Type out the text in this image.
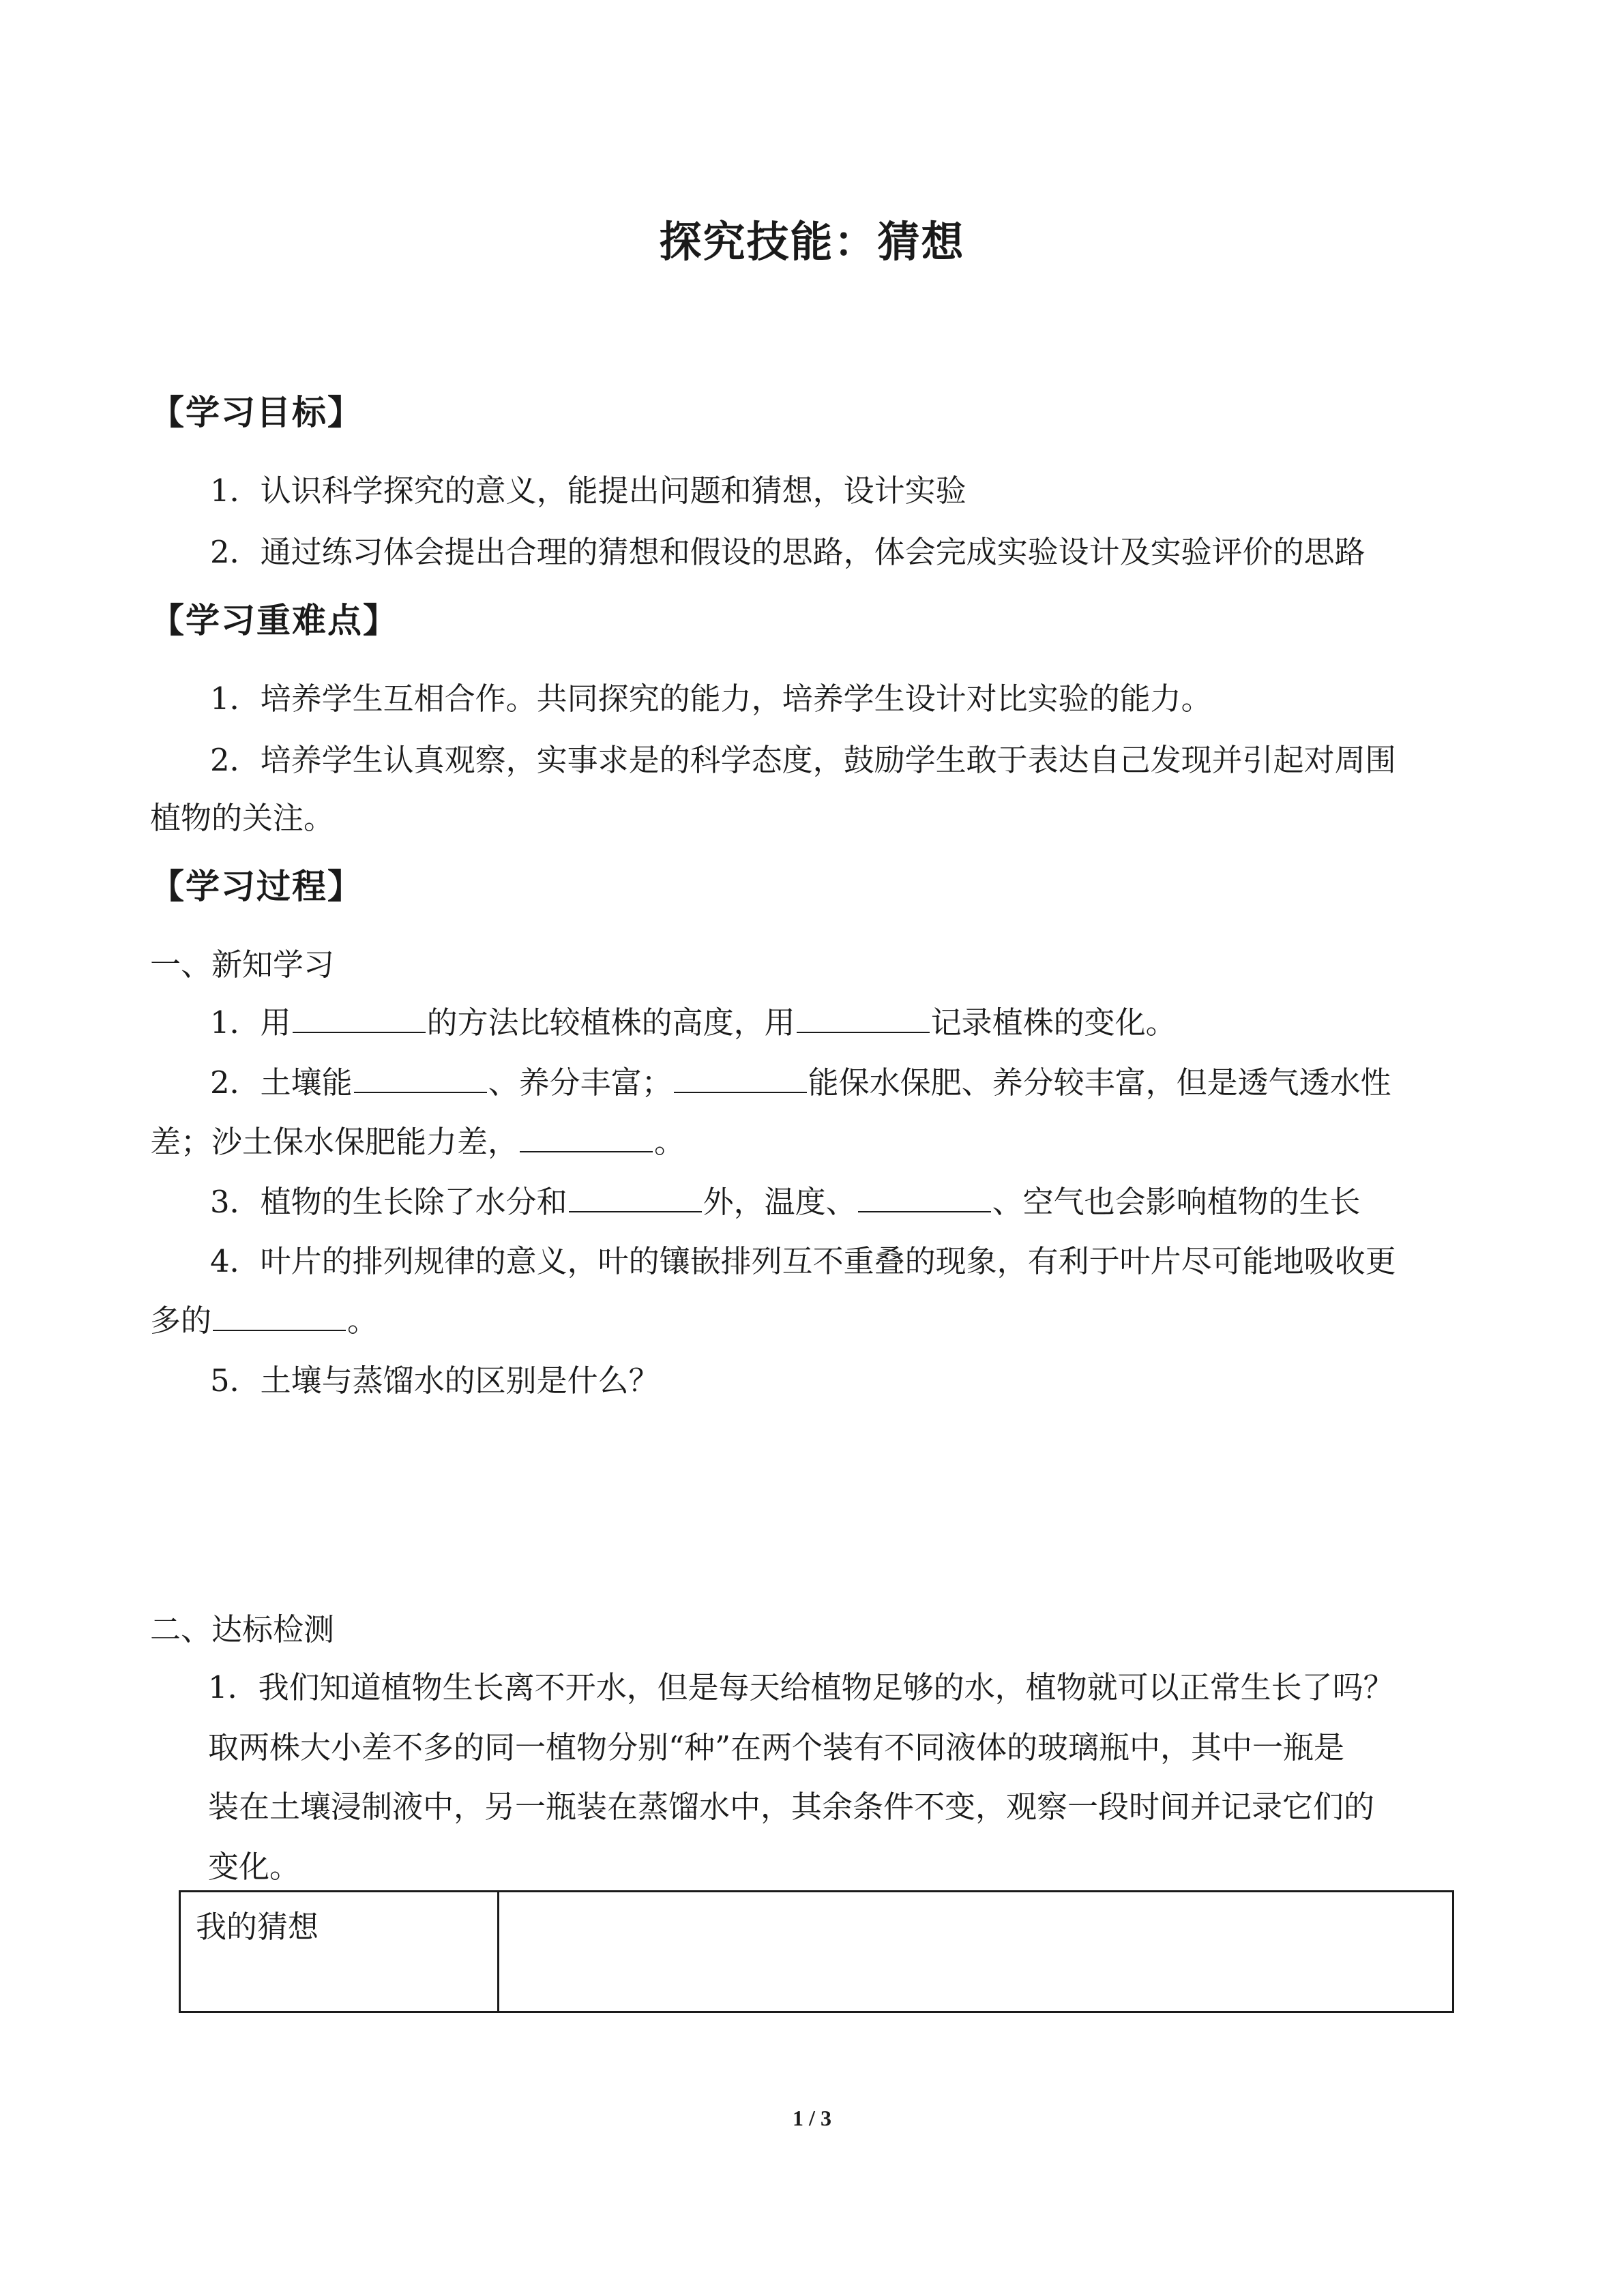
探究技能：猜想
【学习目标】
1．认识科学探究的意义，能提出问题和猜想，设计实验
2．通过练习体会提出合理的猜想和假设的思路，体会完成实验设计及实验评价的思路
【学习重难点】
1．培养学生互相合作。共同探究的能力，培养学生设计对比实验的能力。
2．培养学生认真观察，实事求是的科学态度，鼓励学生敢于表达自己发现并引起对周围
植物的关注。
【学习过程】
一、新知学习
1．用	的方法比较植株的高度，用	记录植株的变化。
2．土壤能	、养分丰富；	能保水保肥、养分较丰富，但是透气透水性
差；沙土保水保肥能力差，	。
3．植物的生长除了水分和	外，温度、	、空气也会影响植物的生长
4．叶片的排列规律的意义，叶的镶嵌排列互不重叠的现象，有利于叶片尽可能地吸收更
多的	。
5．土壤与蒸馏水的区别是什么？
二、达标检测
1．我们知道植物生长离不开水，但是每天给植物足够的水，植物就可以正常生长了吗？
取两株大小差不多的同一植物分别“种”在两个装有不同液体的玻璃瓶中，其中一瓶是
装在土壤浸制液中，另一瓶装在蒸馏水中，其余条件不变，观察一段时间并记录它们的
变化。
我的猜想	
1 / 3
